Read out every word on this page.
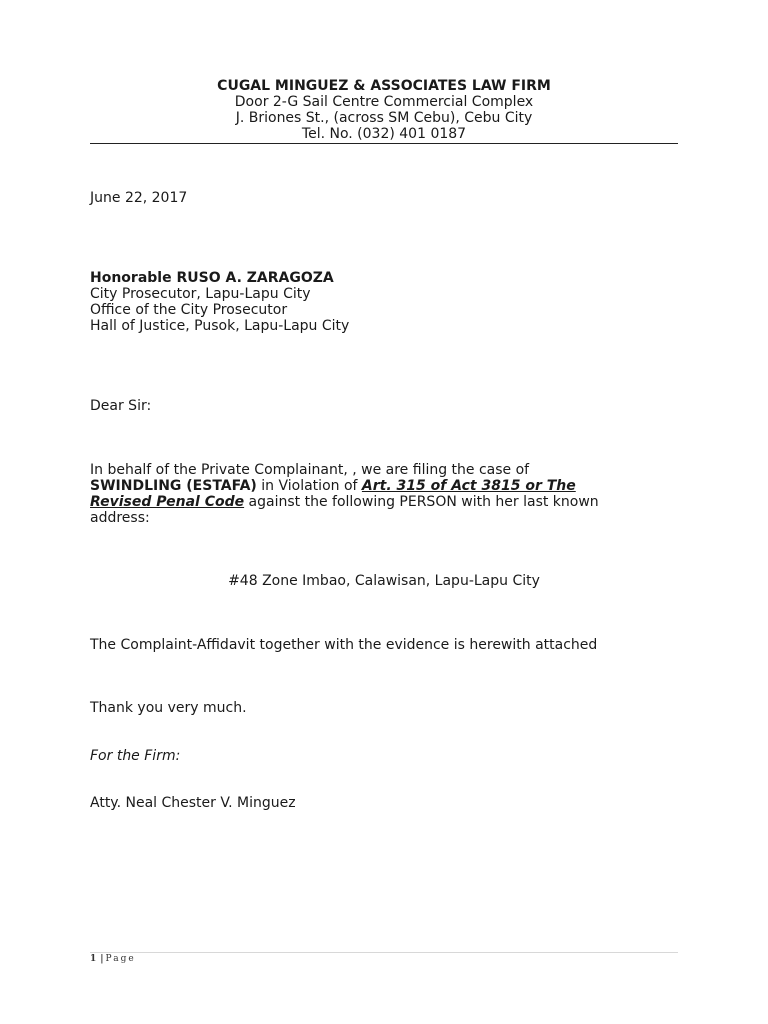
CUGAL MINGUEZ & ASSOCIATES LAW FIRM
Door 2-G Sail Centre Commercial Complex
J. Briones St., (across SM Cebu), Cebu City
Tel. No. (032) 401 0187
June 22, 2017
Honorable RUSO A. ZARAGOZA
City Prosecutor, Lapu-Lapu City
Office of the City Prosecutor
Hall of Justice, Pusok, Lapu-Lapu City
Dear Sir:
In behalf of the Private Complainant, , we are filing the case of
SWINDLING (ESTAFA) in Violation of Art. 315 of Act 3815 or The
Revised Penal Code against the following PERSON with her last known
address:
#48 Zone Imbao, Calawisan, Lapu-Lapu City
The Complaint-Affidavit together with the evidence is herewith attached
Thank you very much.
For the Firm:
Atty. Neal Chester V. Minguez
1 | Page
